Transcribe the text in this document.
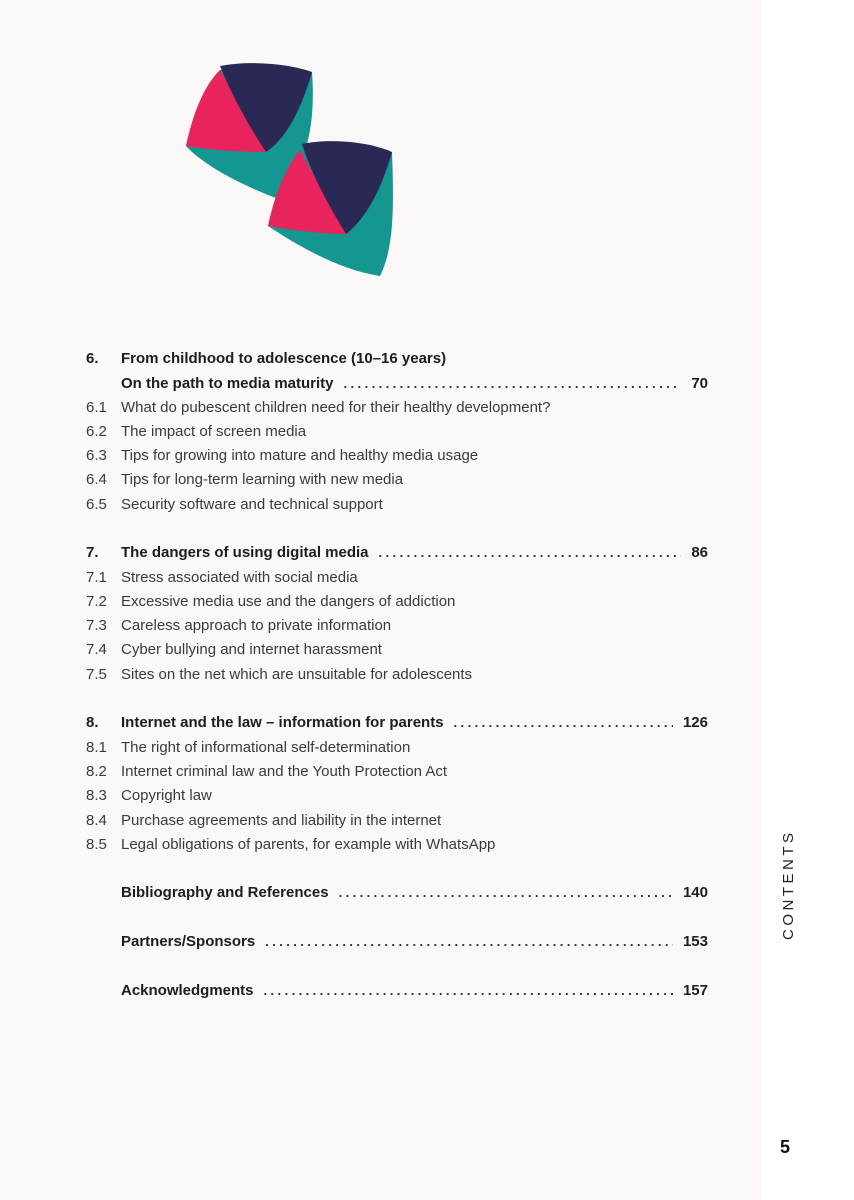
6.	From childhood to adolescence (10–16 years)
On the path to media maturity .....	70
6.1 What do pubescent children need for their healthy development?
6.2 The impact of screen media
6.3 Tips for growing into mature and healthy media usage
6.4 Tips for long-term learning with new media
6.5 Security software and technical support
7.	The dangers of using digital media .....	86
7.1 Stress associated with social media
7.2 Excessive media use and the dangers of addiction
7.3 Careless approach to private information
7.4 Cyber bullying and internet harassment
7.5 Sites on the net which are unsuitable for adolescents
8.	Internet and the law – information for parents .....	126
8.1 The right of informational self-determination
8.2 Internet criminal law and the Youth Protection Act
8.3 Copyright law
8.4 Purchase agreements and liability in the internet
8.5 Legal obligations of parents, for example with WhatsApp
Bibliography and References .....	140
Partners/Sponsors .....	153
Acknowledgments .....	157
CONTENTS
5
